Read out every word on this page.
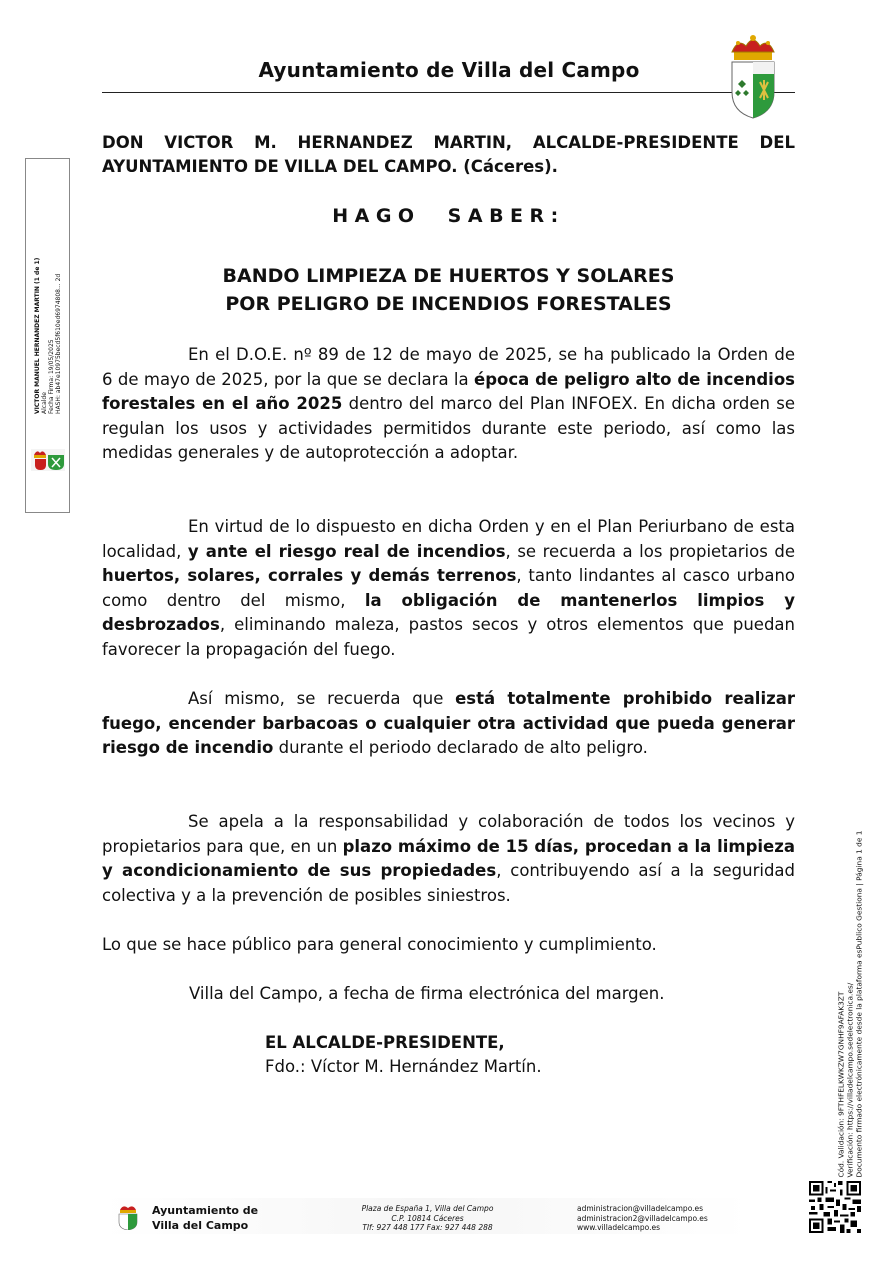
Ayuntamiento de Villa del Campo
VICTOR MANUEL HERNANDEZ MARTIN (1 de 1) Alcalde Fecha Firma: 19/05/2025 HASH: ab47e10975becd5f610ed6974808... 2d
DON VICTOR M. HERNANDEZ MARTIN, ALCALDE-PRESIDENTE DEL AYUNTAMIENTO DE VILLA DEL CAMPO. (Cáceres).
HAGO SABER:
BANDO LIMPIEZA DE HUERTOS Y SOLARES
POR PELIGRO DE INCENDIOS FORESTALES
En el D.O.E. nº 89 de 12 de mayo de 2025, se ha publicado la Orden de 6 de mayo de 2025, por la que se declara la época de peligro alto de incendios forestales en el año 2025 dentro del marco del Plan INFOEX. En dicha orden se regulan los usos y actividades permitidos durante este periodo, así como las medidas generales y de autoprotección a adoptar.
En virtud de lo dispuesto en dicha Orden y en el Plan Periurbano de esta localidad, y ante el riesgo real de incendios, se recuerda a los propietarios de huertos, solares, corrales y demás terrenos, tanto lindantes al casco urbano como dentro del mismo, la obligación de mantenerlos limpios y desbrozados, eliminando maleza, pastos secos y otros elementos que puedan favorecer la propagación del fuego.
Así mismo, se recuerda que está totalmente prohibido realizar fuego, encender barbacoas o cualquier otra actividad que pueda generar riesgo de incendio durante el periodo declarado de alto peligro.
Se apela a la responsabilidad y colaboración de todos los vecinos y propietarios para que, en un plazo máximo de 15 días, procedan a la limpieza y acondicionamiento de sus propiedades, contribuyendo así a la seguridad colectiva y a la prevención de posibles siniestros.
Lo que se hace público para general conocimiento y cumplimiento.
Villa del Campo, a fecha de firma electrónica del margen.
EL ALCALDE-PRESIDENTE,
Fdo.: Víctor M. Hernández Martín.	Cód. Validación: 9FTHFELKWKZW7GNHF9AFAK3ZT Verificación: https://villadelcampo.sedelectronica.es/ Documento firmado electrónicamente desde la plataforma esPublico Gestiona | Página 1 de 1
Ayuntamiento de
Villa del Campo
Plaza de España 1, Villa del Campo
C.P. 10814 Cáceres
Tlf: 927 448 177 Fax: 927 448 288
administracion@villadelcampo.es
administracion2@villadelcampo.es
www.villadelcampo.es
